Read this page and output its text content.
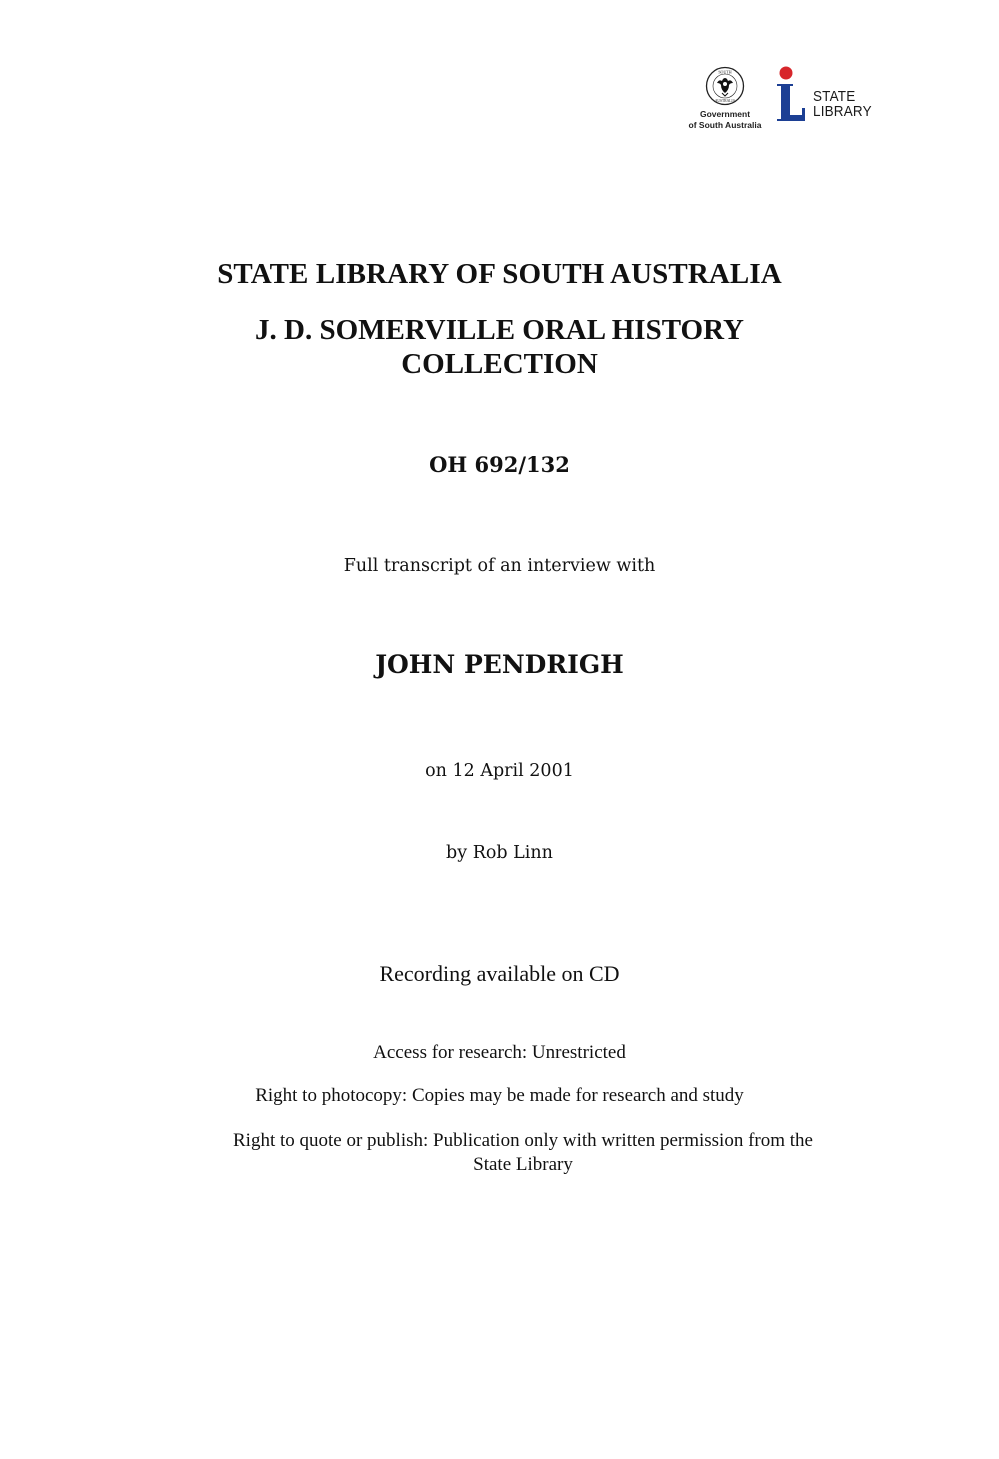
SOUTH
AUSTRALIA
Government
of South Australia
STATE
LIBRARY
STATE LIBRARY OF SOUTH AUSTRALIA
J. D. SOMERVILLE ORAL HISTORY
COLLECTION
OH 692/132
Full transcript of an interview with
JOHN PENDRIGH
on 12 April 2001
by Rob Linn
Recording available on CD
Access for research: Unrestricted
Right to photocopy: Copies may be made for research and study
Right to quote or publish: Publication only with written permission from the
State Library
